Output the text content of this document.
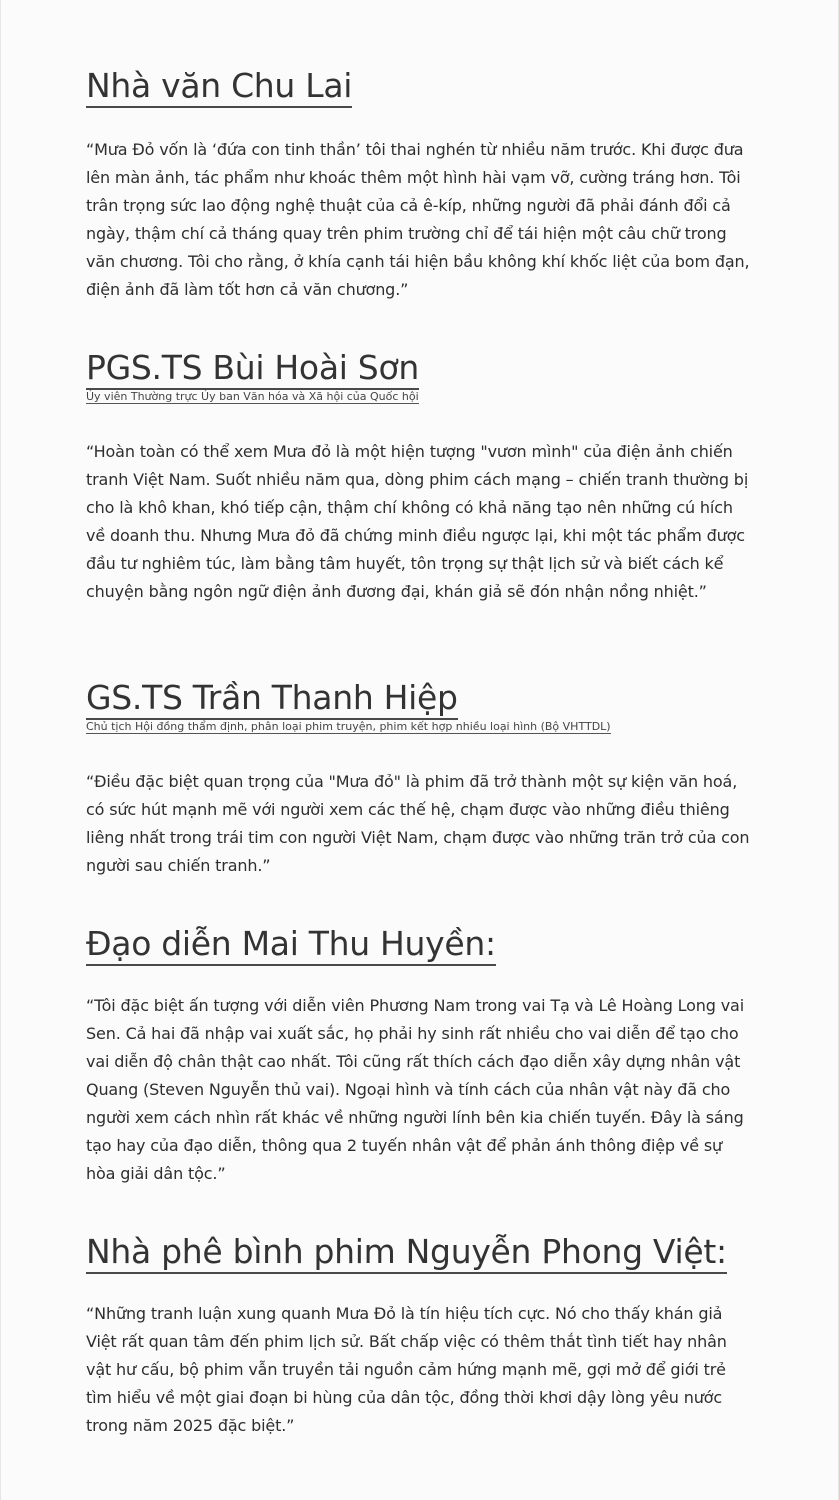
Nhà văn Chu Lai

“Mưa Đỏ vốn là ‘đứa con tinh thần’ tôi thai nghén từ nhiều năm trước. Khi được đưa lên màn ảnh, tác phẩm như khoác thêm một hình hài vạm vỡ, cường tráng hơn. Tôi trân trọng sức lao động nghệ thuật của cả ê-kíp, những người đã phải đánh đổi cả ngày, thậm chí cả tháng quay trên phim trường chỉ để tái hiện một câu chữ trong văn chương. Tôi cho rằng, ở khía cạnh tái hiện bầu không khí khốc liệt của bom đạn, điện ảnh đã làm tốt hơn cả văn chương.”

PGS.TS Bùi Hoài Sơn
Ủy viên Thường trực Ủy ban Văn hóa và Xã hội của Quốc hội

“Hoàn toàn có thể xem Mưa đỏ là một hiện tượng "vươn mình" của điện ảnh chiến tranh Việt Nam. Suốt nhiều năm qua, dòng phim cách mạng – chiến tranh thường bị cho là khô khan, khó tiếp cận, thậm chí không có khả năng tạo nên những cú hích về doanh thu. Nhưng Mưa đỏ đã chứng minh điều ngược lại, khi một tác phẩm được đầu tư nghiêm túc, làm bằng tâm huyết, tôn trọng sự thật lịch sử và biết cách kể chuyện bằng ngôn ngữ điện ảnh đương đại, khán giả sẽ đón nhận nồng nhiệt.”

GS.TS Trần Thanh Hiệp
Chủ tịch Hội đồng thẩm định, phân loại phim truyện, phim kết hợp nhiều loại hình (Bộ VHTTDL)

“Điều đặc biệt quan trọng của "Mưa đỏ" là phim đã trở thành một sự kiện văn hoá, có sức hút mạnh mẽ với người xem các thế hệ, chạm được vào những điều thiêng liêng nhất trong trái tim con người Việt Nam, chạm được vào những trăn trở của con người sau chiến tranh.”

Đạo diễn Mai Thu Huyền:

“Tôi đặc biệt ấn tượng với diễn viên Phương Nam trong vai Tạ và Lê Hoàng Long vai Sen. Cả hai đã nhập vai xuất sắc, họ phải hy sinh rất nhiều cho vai diễn để tạo cho vai diễn độ chân thật cao nhất. Tôi cũng rất thích cách đạo diễn xây dựng nhân vật Quang (Steven Nguyễn thủ vai). Ngoại hình và tính cách của nhân vật này đã cho người xem cách nhìn rất khác về những người lính bên kia chiến tuyến. Đây là sáng tạo hay của đạo diễn, thông qua 2 tuyến nhân vật để phản ánh thông điệp về sự hòa giải dân tộc.”

Nhà phê bình phim Nguyễn Phong Việt:

“Những tranh luận xung quanh Mưa Đỏ là tín hiệu tích cực. Nó cho thấy khán giả Việt rất quan tâm đến phim lịch sử. Bất chấp việc có thêm thắt tình tiết hay nhân vật hư cấu, bộ phim vẫn truyền tải nguồn cảm hứng mạnh mẽ, gợi mở để giới trẻ tìm hiểu về một giai đoạn bi hùng của dân tộc, đồng thời khơi dậy lòng yêu nước trong năm 2025 đặc biệt.”
